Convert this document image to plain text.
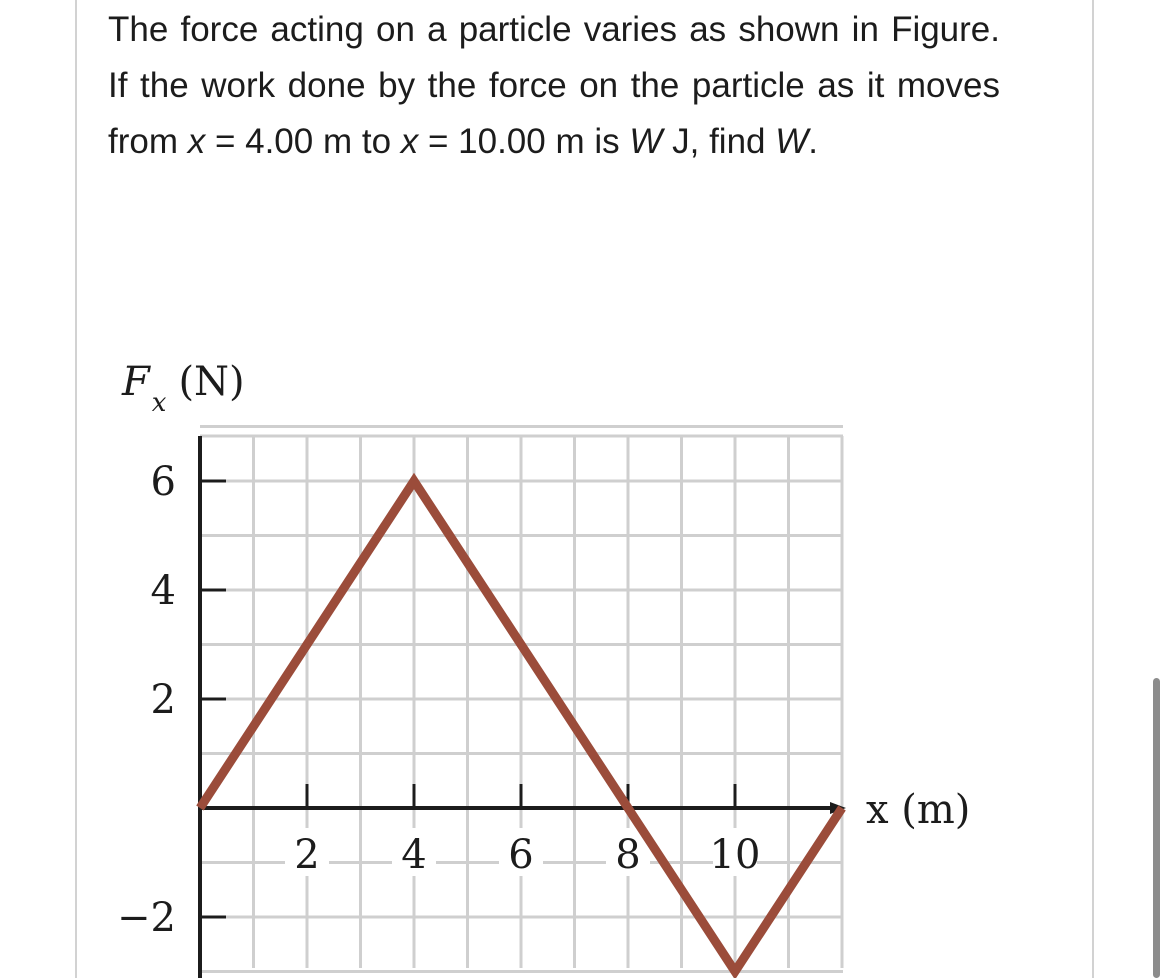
The force acting on a particle varies as shown in Figure. If the work done by the force on the particle as it moves from x = 4.00 m to x = 10.00 m is W J, find W.

2 4 6 8 10
6
4
2
−2
$F_x$ (N)
x (m)
